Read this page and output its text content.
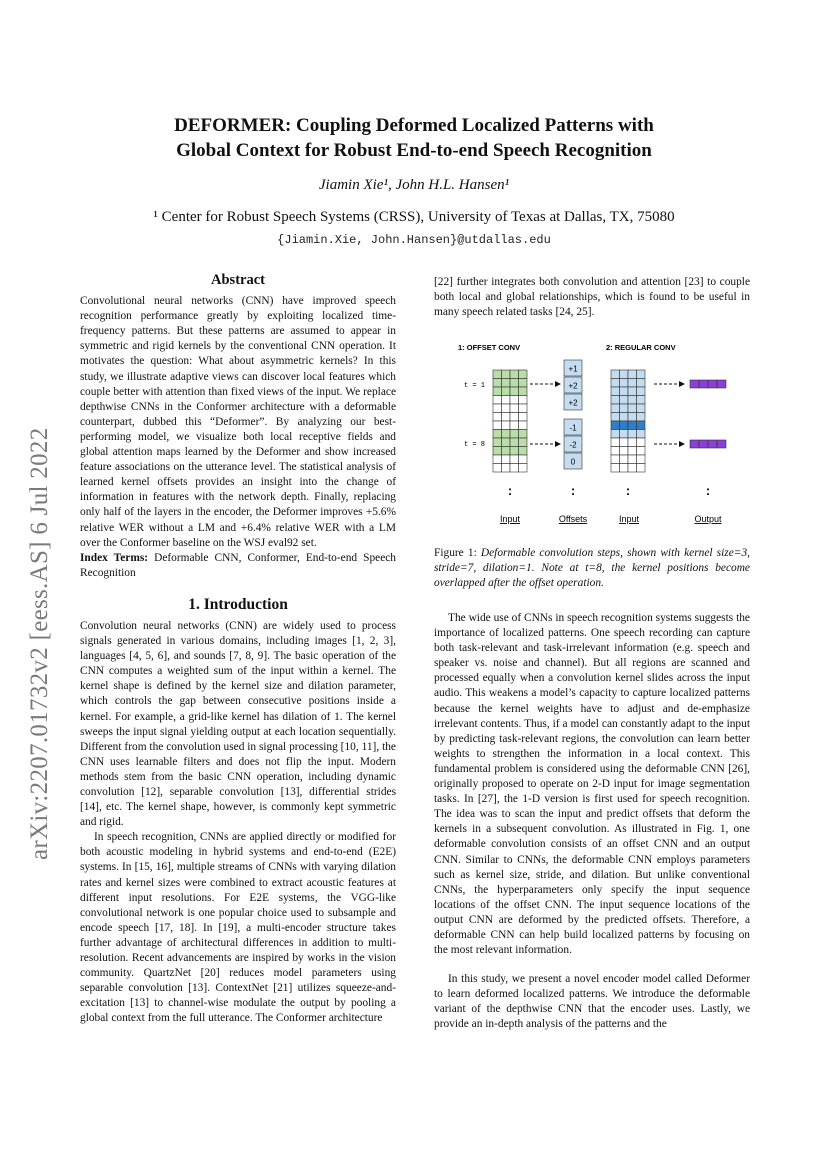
DEFORMER: Coupling Deformed Localized Patterns with
Global Context for Robust End-to-end Speech Recognition
Jiamin Xie¹, John H.L. Hansen¹
¹ Center for Robust Speech Systems (CRSS), University of Texas at Dallas, TX, 75080
{Jiamin.Xie, John.Hansen}@utdallas.edu
arXiv:2207.01732v2 [eess.AS] 6 Jul 2022
Abstract

Convolutional neural networks (CNN) have improved speech recognition performance greatly by exploiting localized time-frequency patterns. But these patterns are assumed to appear in symmetric and rigid kernels by the conventional CNN operation. It motivates the question: What about asymmetric kernels? In this study, we illustrate adaptive views can discover local features which couple better with attention than fixed views of the input. We replace depthwise CNNs in the Conformer architecture with a deformable counterpart, dubbed this “Deformer”. By analyzing our best-performing model, we visualize both local receptive fields and global attention maps learned by the Deformer and show increased feature associations on the utterance level. The statistical analysis of learned kernel offsets provides an insight into the change of information in features with the network depth. Finally, replacing only half of the layers in the encoder, the Deformer improves +5.6% relative WER without a LM and +6.4% relative WER with a LM over the Conformer baseline on the WSJ eval92 set.

Index Terms: Deformable CNN, Conformer, End-to-end Speech Recognition

1. Introduction

Convolution neural networks (CNN) are widely used to process signals generated in various domains, including images [1, 2, 3], languages [4, 5, 6], and sounds [7, 8, 9]. The basic operation of the CNN computes a weighted sum of the input within a kernel. The kernel shape is defined by the kernel size and dilation parameter, which controls the gap between consecutive positions inside a kernel. For example, a grid-like kernel has dilation of 1. The kernel sweeps the input signal yielding output at each location sequentially. Different from the convolution used in signal processing [10, 11], the CNN uses learnable filters and does not flip the input. Modern methods stem from the basic CNN operation, including dynamic convolution [12], separable convolution [13], differential strides [14], etc. The kernel shape, however, is commonly kept symmetric and rigid.

In speech recognition, CNNs are applied directly or modified for both acoustic modeling in hybrid systems and end-to-end (E2E) systems. In [15, 16], multiple streams of CNNs with varying dilation rates and kernel sizes were combined to extract acoustic features at different input resolutions. For E2E systems, the VGG-like convolutional network is one popular choice used to subsample and encode speech [17, 18]. In [19], a multi-encoder structure takes further advantage of architectural differences in addition to multi-resolution. Recent advancements are inspired by works in the vision community. QuartzNet [20] reduces model parameters using separable convolution [13]. ContextNet [21] utilizes squeeze-and-excitation [13] to channel-wise modulate the output by pooling a global context from the full utterance. The Conformer architecture

[22] further integrates both convolution and attention [23] to couple both local and global relationships, which is found to be useful in many speech related tasks [24, 25].

1: OFFSET CONV	2: REGULAR CONV
t = 1
t = 8
+1
+2
+2
-1
-2
0
:	:	:	:
Input	Offsets	Input	Output

Figure 1: Deformable convolution steps, shown with kernel size=3, stride=7, dilation=1. Note at t=8, the kernel positions become overlapped after the offset operation.

The wide use of CNNs in speech recognition systems suggests the importance of localized patterns. One speech recording can capture both task-relevant and task-irrelevant information (e.g. speech and speaker vs. noise and channel). But all regions are scanned and processed equally when a convolution kernel slides across the input audio. This weakens a model’s capacity to capture localized patterns because the kernel weights have to adjust and de-emphasize irrelevant contents. Thus, if a model can constantly adapt to the input by predicting task-relevant regions, the convolution can learn better weights to strengthen the information in a local context. This fundamental problem is considered using the deformable CNN [26], originally proposed to operate on 2-D input for image segmentation tasks. In [27], the 1-D version is first used for speech recognition. The idea was to scan the input and predict offsets that deform the kernels in a subsequent convolution. As illustrated in Fig. 1, one deformable convolution consists of an offset CNN and an output CNN. Similar to CNNs, the deformable CNN employs parameters such as kernel size, stride, and dilation. But unlike conventional CNNs, the hyperparameters only specify the input sequence locations of the offset CNN. The input sequence locations of the output CNN are deformed by the predicted offsets. Therefore, a deformable CNN can help build localized patterns by focusing on the most relevant information.

In this study, we present a novel encoder model called Deformer to learn deformed localized patterns. We introduce the deformable variant of the depthwise CNN that the encoder uses. Lastly, we provide an in-depth analysis of the patterns and the
